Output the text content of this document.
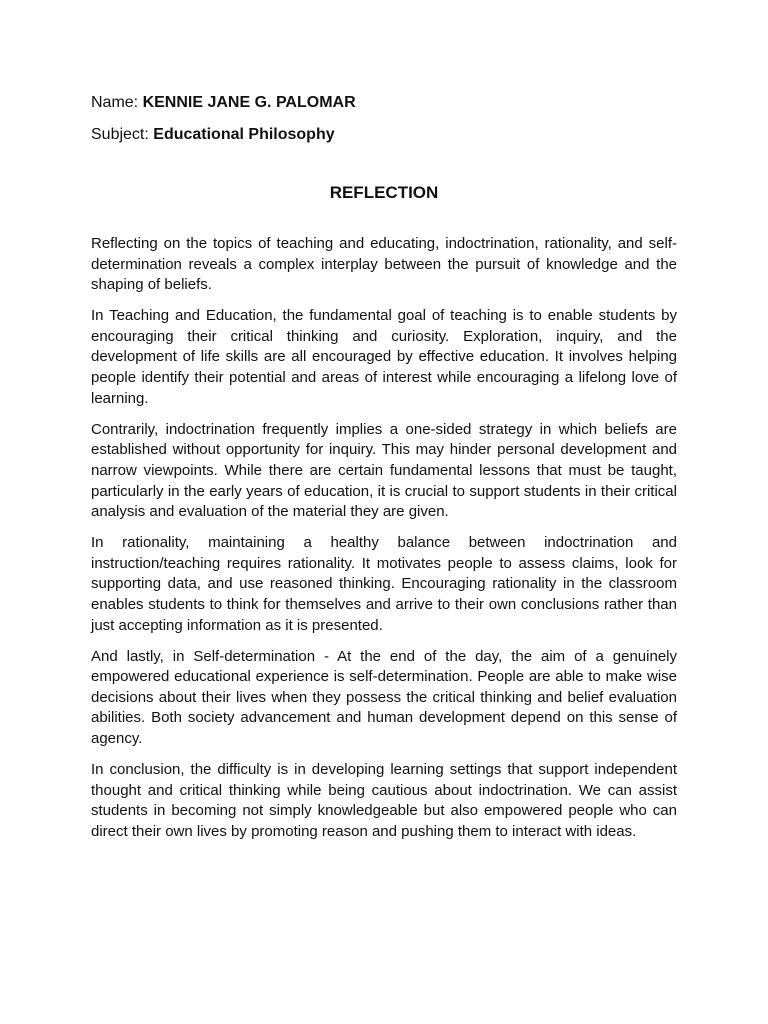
Name: KENNIE JANE G. PALOMAR

Subject: Educational Philosophy

REFLECTION

Reflecting on the topics of teaching and educating, indoctrination, rationality, and self-determination reveals a complex interplay between the pursuit of knowledge and the shaping of beliefs.

In Teaching and Education, the fundamental goal of teaching is to enable students by encouraging their critical thinking and curiosity. Exploration, inquiry, and the development of life skills are all encouraged by effective education. It involves helping people identify their potential and areas of interest while encouraging a lifelong love of learning.

Contrarily, indoctrination frequently implies a one-sided strategy in which beliefs are established without opportunity for inquiry. This may hinder personal development and narrow viewpoints. While there are certain fundamental lessons that must be taught, particularly in the early years of education, it is crucial to support students in their critical analysis and evaluation of the material they are given.

In rationality, maintaining a healthy balance between indoctrination and instruction/teaching requires rationality. It motivates people to assess claims, look for supporting data, and use reasoned thinking. Encouraging rationality in the classroom enables students to think for themselves and arrive to their own conclusions rather than just accepting information as it is presented.

And lastly, in Self-determination - At the end of the day, the aim of a genuinely empowered educational experience is self-determination. People are able to make wise decisions about their lives when they possess the critical thinking and belief evaluation abilities. Both society advancement and human development depend on this sense of agency.

In conclusion, the difficulty is in developing learning settings that support independent thought and critical thinking while being cautious about indoctrination. We can assist students in becoming not simply knowledgeable but also empowered people who can direct their own lives by promoting reason and pushing them to interact with ideas.
